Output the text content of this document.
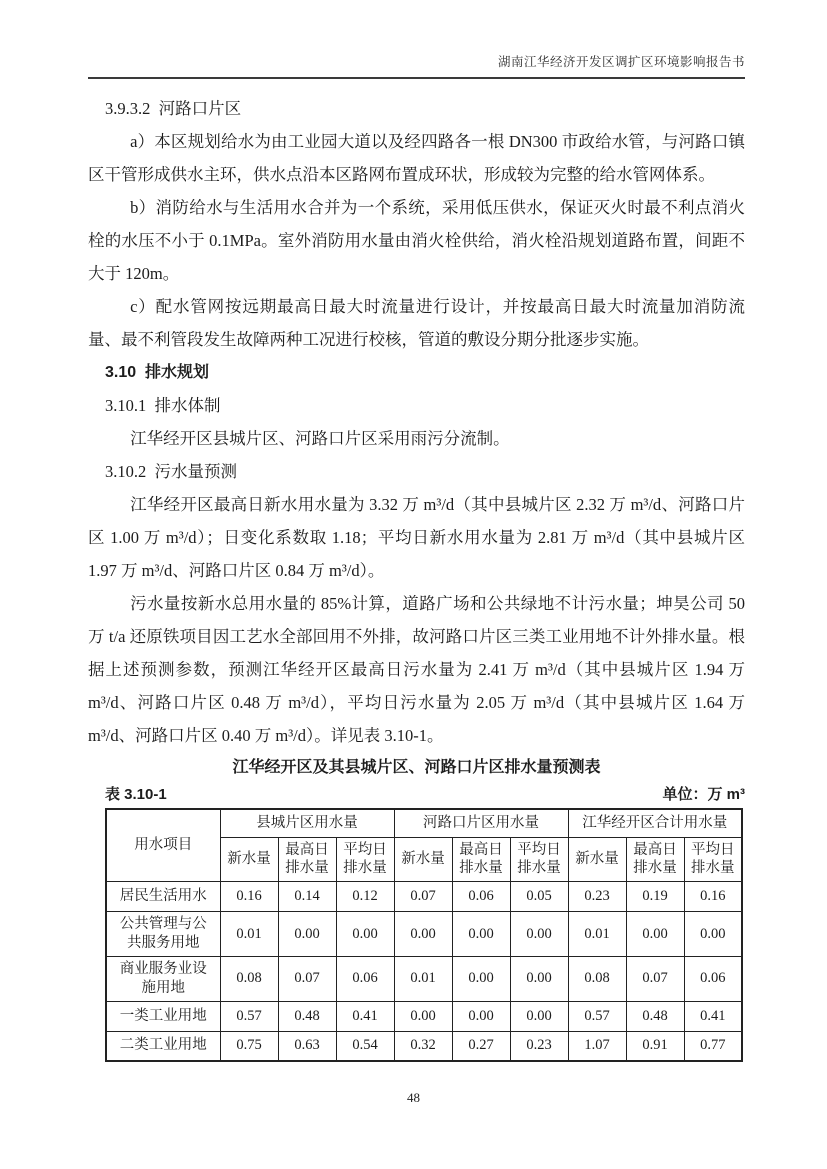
湖南江华经济开发区调扩区环境影响报告书
3.9.3.2  河路口片区

a）本区规划给水为由工业园大道以及经四路各一根 DN300 市政给水管，与河路口镇区干管形成供水主环，供水点沿本区路网布置成环状，形成较为完整的给水管网体系。

b）消防给水与生活用水合并为一个系统，采用低压供水，保证灭火时最不利点消火栓的水压不小于 0.1MPa。室外消防用水量由消火栓供给，消火栓沿规划道路布置，间距不大于 120m。

c）配水管网按远期最高日最大时流量进行设计，并按最高日最大时流量加消防流量、最不利管段发生故障两种工况进行校核，管道的敷设分期分批逐步实施。

3.10  排水规划
3.10.1  排水体制

江华经开区县城片区、河路口片区采用雨污分流制。

3.10.2  污水量预测

江华经开区最高日新水用水量为 3.32 万 m³/d（其中县城片区 2.32 万 m³/d、河路口片区 1.00 万 m³/d）；日变化系数取 1.18；平均日新水用水量为 2.81 万 m³/d（其中县城片区 1.97 万 m³/d、河路口片区 0.84 万 m³/d）。

污水量按新水总用水量的 85%计算，道路广场和公共绿地不计污水量；坤昊公司 50 万 t/a 还原铁项目因工艺水全部回用不外排，故河路口片区三类工业用地不计外排水量。根据上述预测参数，预测江华经开区最高日污水量为 2.41 万 m³/d（其中县城片区 1.94 万 m³/d、河路口片区 0.48 万 m³/d），平均日污水量为 2.05 万 m³/d（其中县城片区 1.64 万 m³/d、河路口片区 0.40 万 m³/d）。详见表 3.10-1。

江华经开区及其县城片区、河路口片区排水量预测表
表 3.10-1	单位：万 m³
用水项目	县城片区用水量			河路口片区用水量			江华经开区合计用水量		
	新水量	最高日排水量	平均日排水量	新水量	最高日排水量	平均日排水量	新水量	最高日排水量	平均日排水量
居民生活用水	0.16	0.14	0.12	0.07	0.06	0.05	0.23	0.19	0.16
公共管理与公共服务用地	0.01	0.00	0.00	0.00	0.00	0.00	0.01	0.00	0.00
商业服务业设施用地	0.08	0.07	0.06	0.01	0.00	0.00	0.08	0.07	0.06
一类工业用地	0.57	0.48	0.41	0.00	0.00	0.00	0.57	0.48	0.41
二类工业用地	0.75	0.63	0.54	0.32	0.27	0.23	1.07	0.91	0.77
48
